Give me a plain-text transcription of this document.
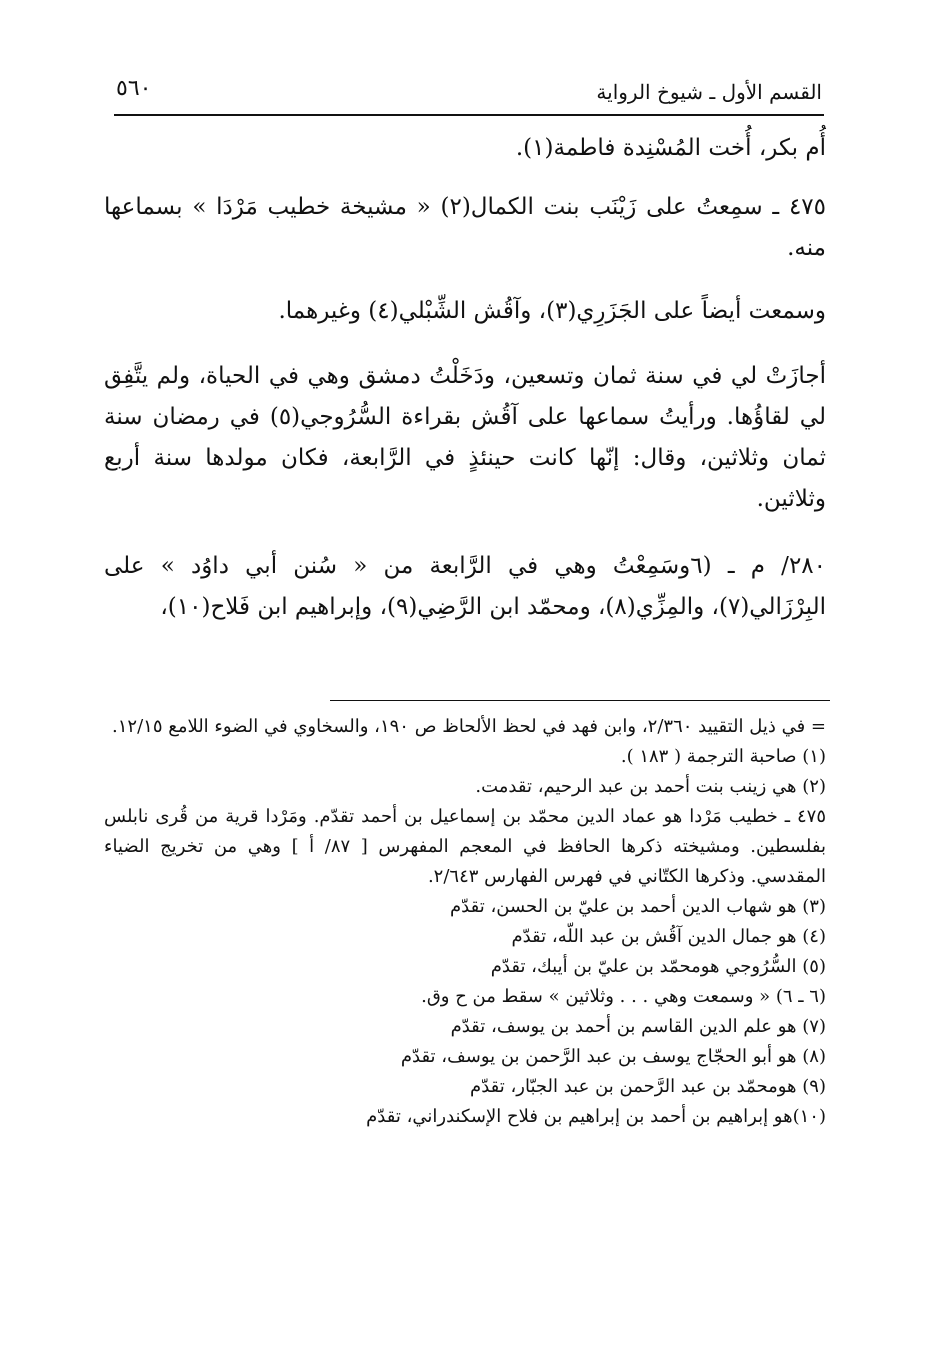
القسم الأول ـ شيوخ الرواية
٥٦٠

أُم بكر، أُخت المُسْنِدة فاطمة(١).

٤٧٥ ـ سمِعتُ على زَيْنَب بنت الكمال(٢) « مشيخة خطيب مَرْدَا » بسماعها منه.

وسمعت أيضاً على الجَزَرِي(٣)، وآقُش الشِّبْلي(٤) وغيرهما.

أجازَتْ لي في سنة ثمان وتسعين، ودَخَلْتُ دمشق وهي في الحياة، ولم يتَّفِق لي لقاؤُها. ورأيتُ سماعها على آقُش بقراءة السُّرُوجي(٥) في رمضان سنة ثمان وثلاثين، وقال: إنّها كانت حينئذٍ في الرَّابعة، فكان مولدها سنة أربع وثلاثين.

٢٨٠/ م ـ (٦وسَمِعْتُ وهي في الرَّابعة من « سُنن أبي داوُد » على البِرْزَالي(٧)، والمِزِّي(٨)، ومحمّد ابن الرَّضِي(٩)، وإبراهيم ابن فَلاح(١٠)،

= في ذيل التقييد ٢/٣٦٠، وابن فهد في لحظ الألحاظ ص ١٩٠، والسخاوي في الضوء اللامع ١٢/١٥.

(١) صاحبة الترجمة ( ١٨٣ ).

(٢) هي زينب بنت أحمد بن عبد الرحيم، تقدمت.

٤٧٥ ـ خطيب مَرْدا هو عماد الدين محمّد بن إسماعيل بن أحمد تقدّم. ومَرْدا قرية من قُرى نابلس بفلسطين. ومشيخته ذكرها الحافظ في المعجم المفهرس [ ٨٧/ أ ] وهي من تخريج الضياء المقدسي. وذكرها الكتّاني في فهرس الفهارس ٢/٦٤٣.

(٣) هو شهاب الدين أحمد بن عليّ بن الحسن، تقدّم

(٤) هو جمال الدين آقُش بن عبد اللّه، تقدّم

(٥) السُّرُوجي هومحمّد بن عليّ بن أيبك، تقدّم

(٦ ـ ٦) « وسمعت وهي . . . وثلاثين » سقط من ح وق.

(٧) هو علم الدين القاسم بن أحمد بن يوسف، تقدّم

(٨) هو أبو الحجّاج يوسف بن عبد الرَّحمن بن يوسف، تقدّم

(٩) هومحمّد بن عبد الرَّحمن بن عبد الجبّار، تقدّم

(١٠)هو إبراهيم بن أحمد بن إبراهيم بن فلاح الإسكندراني، تقدّم
